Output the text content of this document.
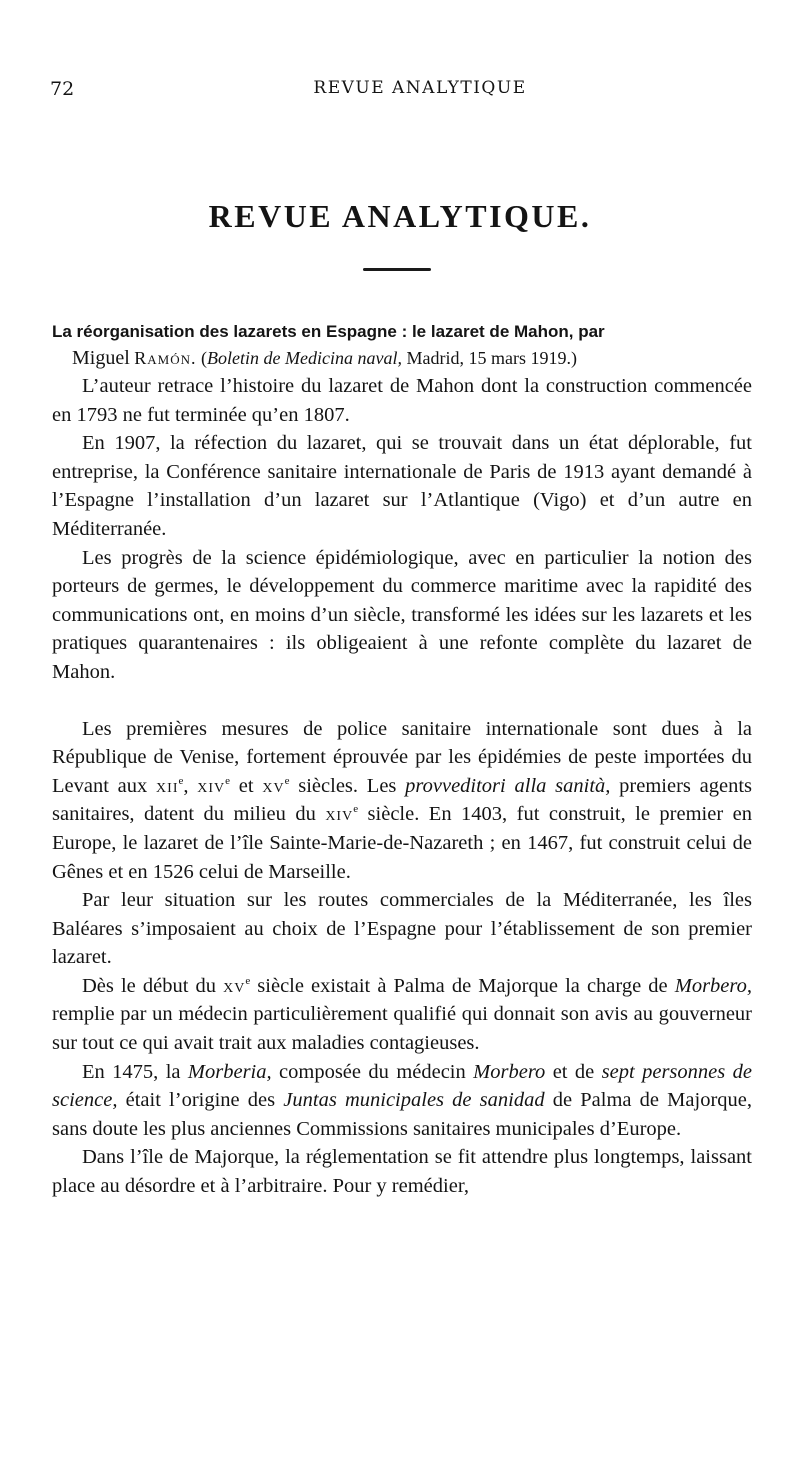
72	REVUE ANALYTIQUE
REVUE ANALYTIQUE.

La réorganisation des lazarets en Espagne : le lazaret de Mahon, par
Miguel Ramón. (Boletin de Medicina naval, Madrid, 15 mars 1919.)

L’auteur retrace l’histoire du lazaret de Mahon dont la construction commencée en 1793 ne fut terminée qu’en 1807.

En 1907, la réfection du lazaret, qui se trouvait dans un état déplorable, fut entreprise, la Conférence sanitaire internationale de Paris de 1913 ayant demandé à l’Espagne l’installation d’un lazaret sur l’Atlantique (Vigo) et d’un autre en Méditerranée.

Les progrès de la science épidémiologique, avec en particulier la notion des porteurs de germes, le développement du commerce maritime avec la rapidité des communications ont, en moins d’un siècle, transformé les idées sur les lazarets et les pratiques quarantenaires : ils obligeaient à une refonte complète du lazaret de Mahon.

Les premières mesures de police sanitaire internationale sont dues à la République de Venise, fortement éprouvée par les épidémies de peste importées du Levant aux xii$^e$, xiv$^e$ et $xv^e$ siècles. Les provveditori alla sanità, premiers agents sanitaires, datent du milieu du xiv$^e$ siècle. En 1403, fut construit, le premier en Europe, le lazaret de l’île Sainte-Marie-de-Nazareth ; en 1467, fut construit celui de Gênes et en 1526 celui de Marseille.

Par leur situation sur les routes commerciales de la Méditerranée, les îles Baléares s’imposaient au choix de l’Espagne pour l’établissement de son premier lazaret.

Dès le début du $xv^e$ siècle existait à Palma de Majorque la charge de Morbero, remplie par un médecin particulièrement qualifié qui donnait son avis au gouverneur sur tout ce qui avait trait aux maladies contagieuses.

En 1475, la Morberia, composée du médecin Morbero et de sept personnes de science, était l’origine des Juntas municipales de sanidad de Palma de Majorque, sans doute les plus anciennes Commissions sanitaires municipales d’Europe.

Dans l’île de Majorque, la réglementation se fit attendre plus longtemps, laissant place au désordre et à l’arbitraire. Pour y remédier,
